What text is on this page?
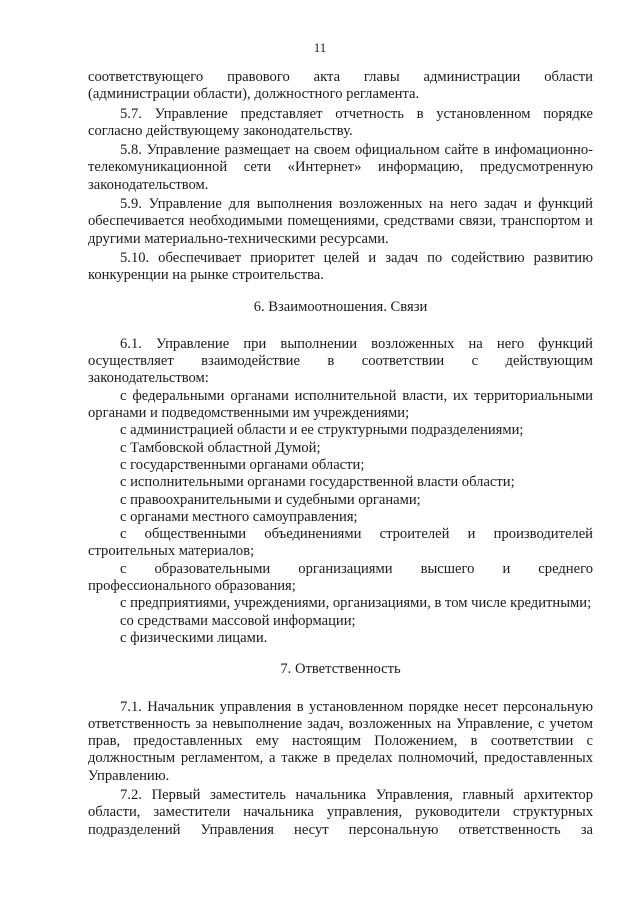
11

соответствующего правового акта главы администрации области (администрации области), должностного регламента.

5.7. Управление представляет отчетность в установленном порядке согласно действующему законодательству.

5.8. Управление размещает на своем официальном сайте в инфомационно-телекомуникационной сети «Интернет» информацию, предусмотренную законодательством.

5.9. Управление для выполнения возложенных на него задач и функций обеспечивается необходимыми помещениями, средствами связи, транспортом и другими материально-техническими ресурсами.

5.10. обеспечивает приоритет целей и задач по содействию развитию конкуренции на рынке строительства.

6. Взаимоотношения. Связи

6.1. Управление при выполнении возложенных на него функций осуществляет взаимодействие в соответствии с действующим законодательством:

с федеральными органами исполнительной власти, их территориальными органами и подведомственными им учреждениями;

с администрацией области и ее структурными подразделениями;

с Тамбовской областной Думой;

с государственными органами области;

с исполнительными органами государственной власти области;

с правоохранительными и судебными органами;

с органами местного самоуправления;

с общественными объединениями строителей и производителей строительных материалов;

с образовательными организациями высшего и среднего профессионального образования;

с предприятиями, учреждениями, организациями, в том числе кредитными;

со средствами массовой информации;

с физическими лицами.

7. Ответственность

7.1. Начальник управления в установленном порядке несет персональную ответственность за невыполнение задач, возложенных на Управление, с учетом прав, предоставленных ему настоящим Положением, в соответствии с должностным регламентом, а также в пределах полномочий, предоставленных Управлению.

7.2. Первый заместитель начальника Управления, главный архитектор области, заместители начальника управления, руководители структурных подразделений Управления несут персональную ответственность за
